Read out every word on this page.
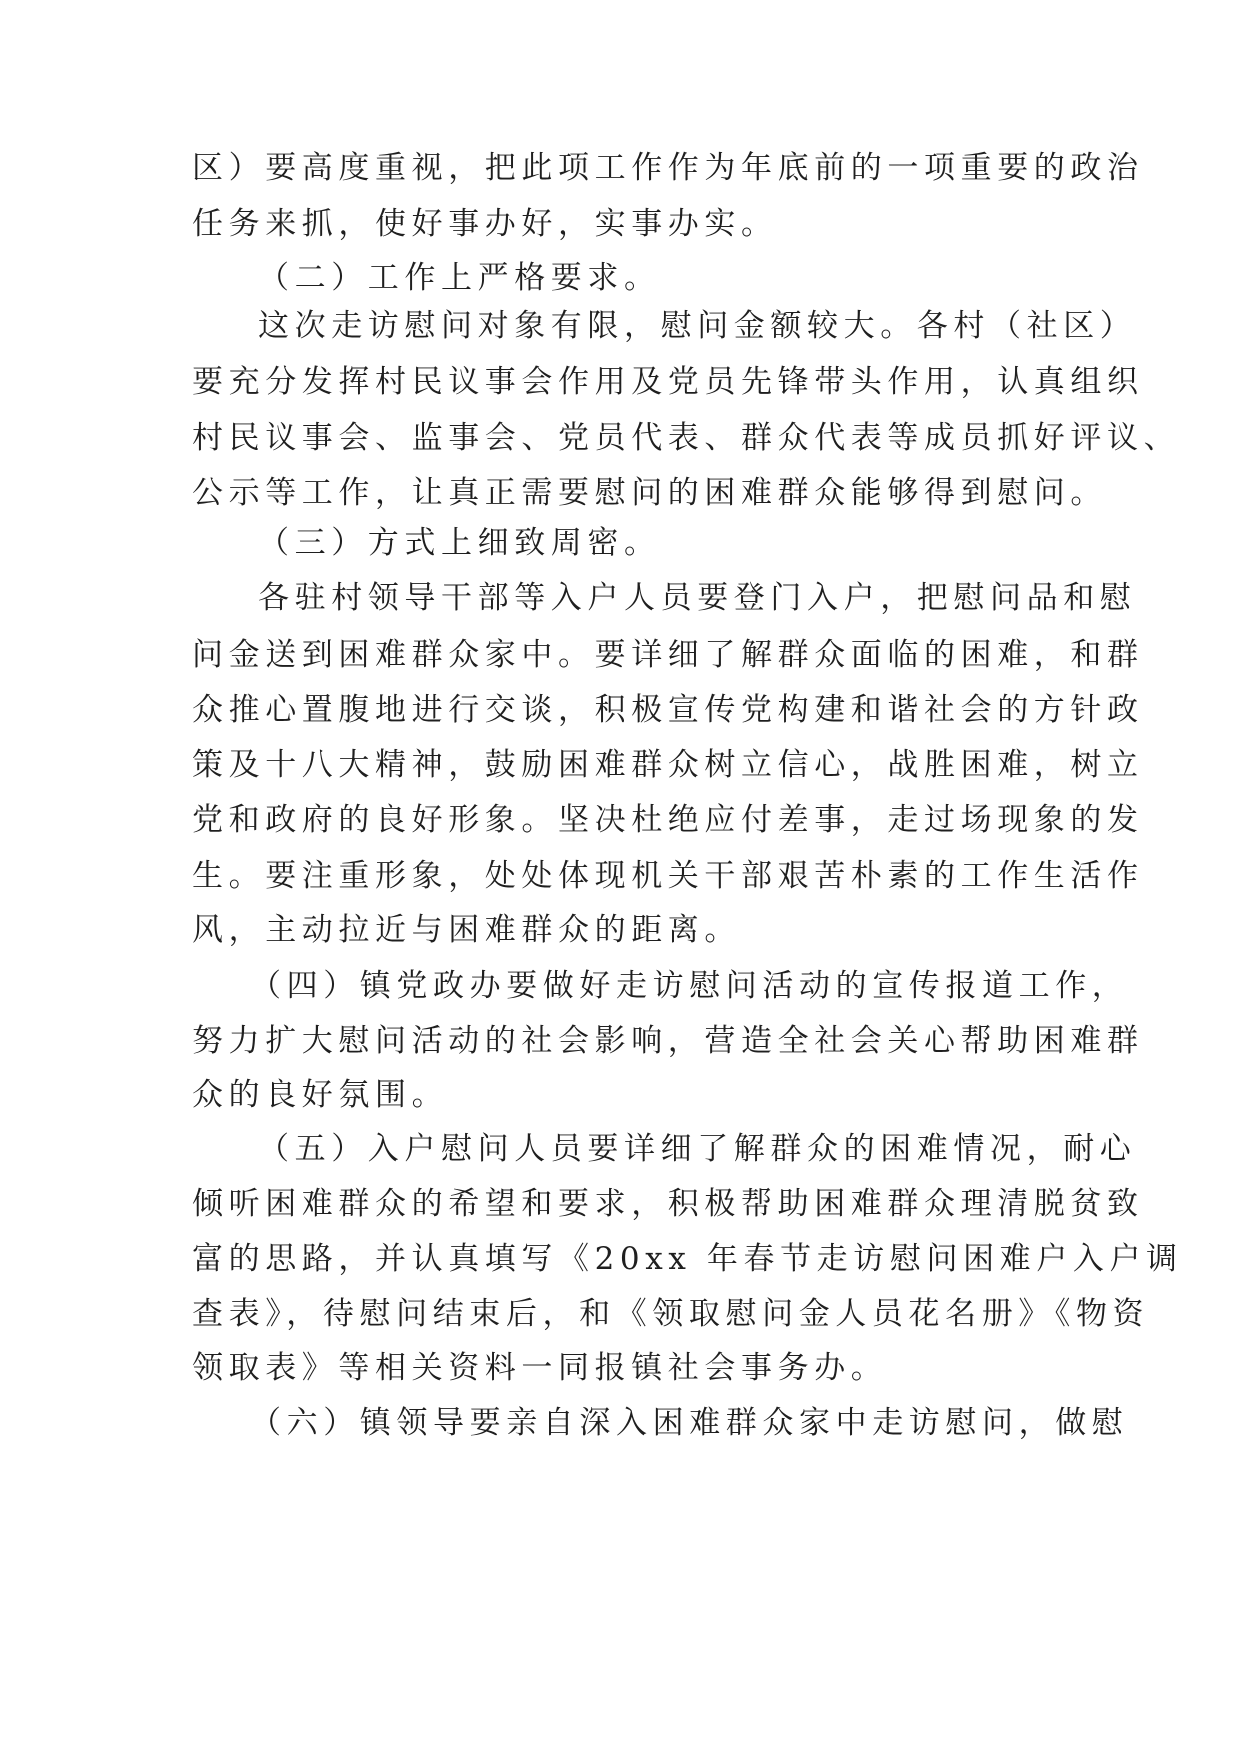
区）要高度重视，把此项工作作为年底前的一项重要的政治
任务来抓，使好事办好，实事办实。
（二）工作上严格要求。
这次走访慰问对象有限，慰问金额较大。各村（社区）
要充分发挥村民议事会作用及党员先锋带头作用，认真组织
村民议事会、监事会、党员代表、群众代表等成员抓好评议、
公示等工作，让真正需要慰问的困难群众能够得到慰问。
（三）方式上细致周密。
各驻村领导干部等入户人员要登门入户，把慰问品和慰
问金送到困难群众家中。要详细了解群众面临的困难，和群
众推心置腹地进行交谈，积极宣传党构建和谐社会的方针政
策及十八大精神，鼓励困难群众树立信心，战胜困难，树立
党和政府的良好形象。坚决杜绝应付差事，走过场现象的发
生。要注重形象，处处体现机关干部艰苦朴素的工作生活作
风，主动拉近与困难群众的距离。
（四）镇党政办要做好走访慰问活动的宣传报道工作，
努力扩大慰问活动的社会影响，营造全社会关心帮助困难群
众的良好氛围。
（五）入户慰问人员要详细了解群众的困难情况，耐心
倾听困难群众的希望和要求，积极帮助困难群众理清脱贫致
富的思路，并认真填写《20xx 年春节走访慰问困难户入户调
查表》，待慰问结束后，和《领取慰问金人员花名册》《物资
领取表》等相关资料一同报镇社会事务办。
（六）镇领导要亲自深入困难群众家中走访慰问，做慰
